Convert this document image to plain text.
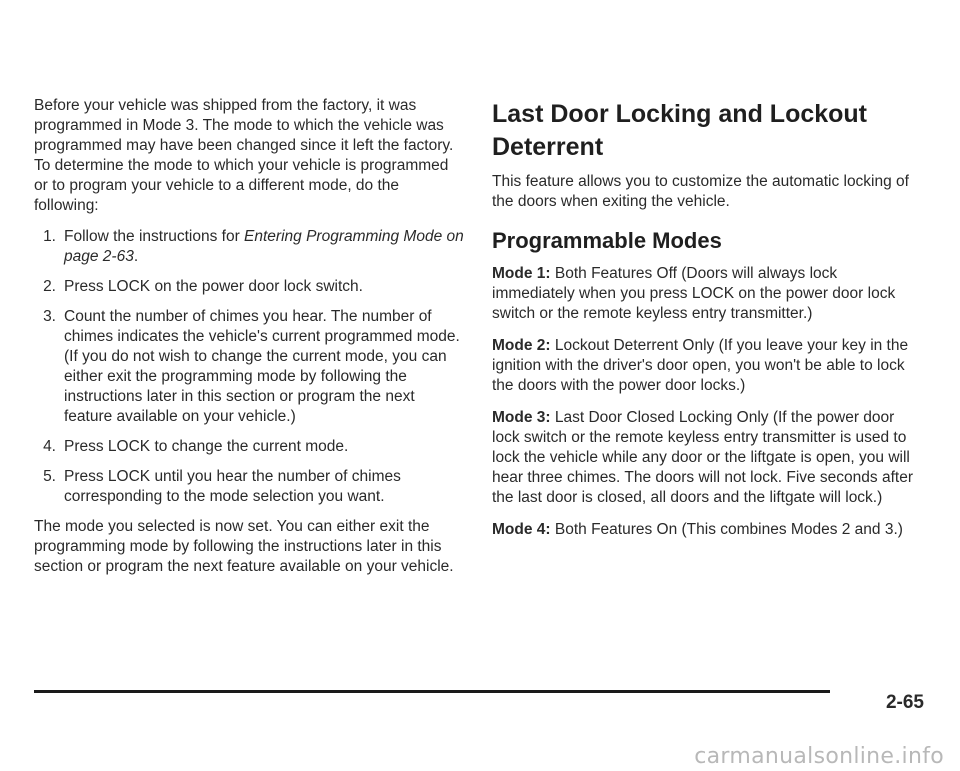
Before your vehicle was shipped from the factory, it was programmed in Mode 3. The mode to which the vehicle was programmed may have been changed since it left the factory. To determine the mode to which your vehicle is programmed or to program your vehicle to a different mode, do the following:

1. Follow the instructions for Entering Programming Mode on page 2-63.
2. Press LOCK on the power door lock switch.
3. Count the number of chimes you hear. The number of chimes indicates the vehicle's current programmed mode. (If you do not wish to change the current mode, you can either exit the programming mode by following the instructions later in this section or program the next feature available on your vehicle.)
4. Press LOCK to change the current mode.
5. Press LOCK until you hear the number of chimes corresponding to the mode selection you want.

The mode you selected is now set. You can either exit the programming mode by following the instructions later in this section or program the next feature available on your vehicle.

Last Door Locking and Lockout Deterrent

This feature allows you to customize the automatic locking of the doors when exiting the vehicle.

Programmable Modes

Mode 1: Both Features Off (Doors will always lock immediately when you press LOCK on the power door lock switch or the remote keyless entry transmitter.)

Mode 2: Lockout Deterrent Only (If you leave your key in the ignition with the driver's door open, you won't be able to lock the doors with the power door locks.)

Mode 3: Last Door Closed Locking Only (If the power door lock switch or the remote keyless entry transmitter is used to lock the vehicle while any door or the liftgate is open, you will hear three chimes. The doors will not lock. Five seconds after the last door is closed, all doors and the liftgate will lock.)

Mode 4: Both Features On (This combines Modes 2 and 3.)

2-65
carmanualsonline.info
